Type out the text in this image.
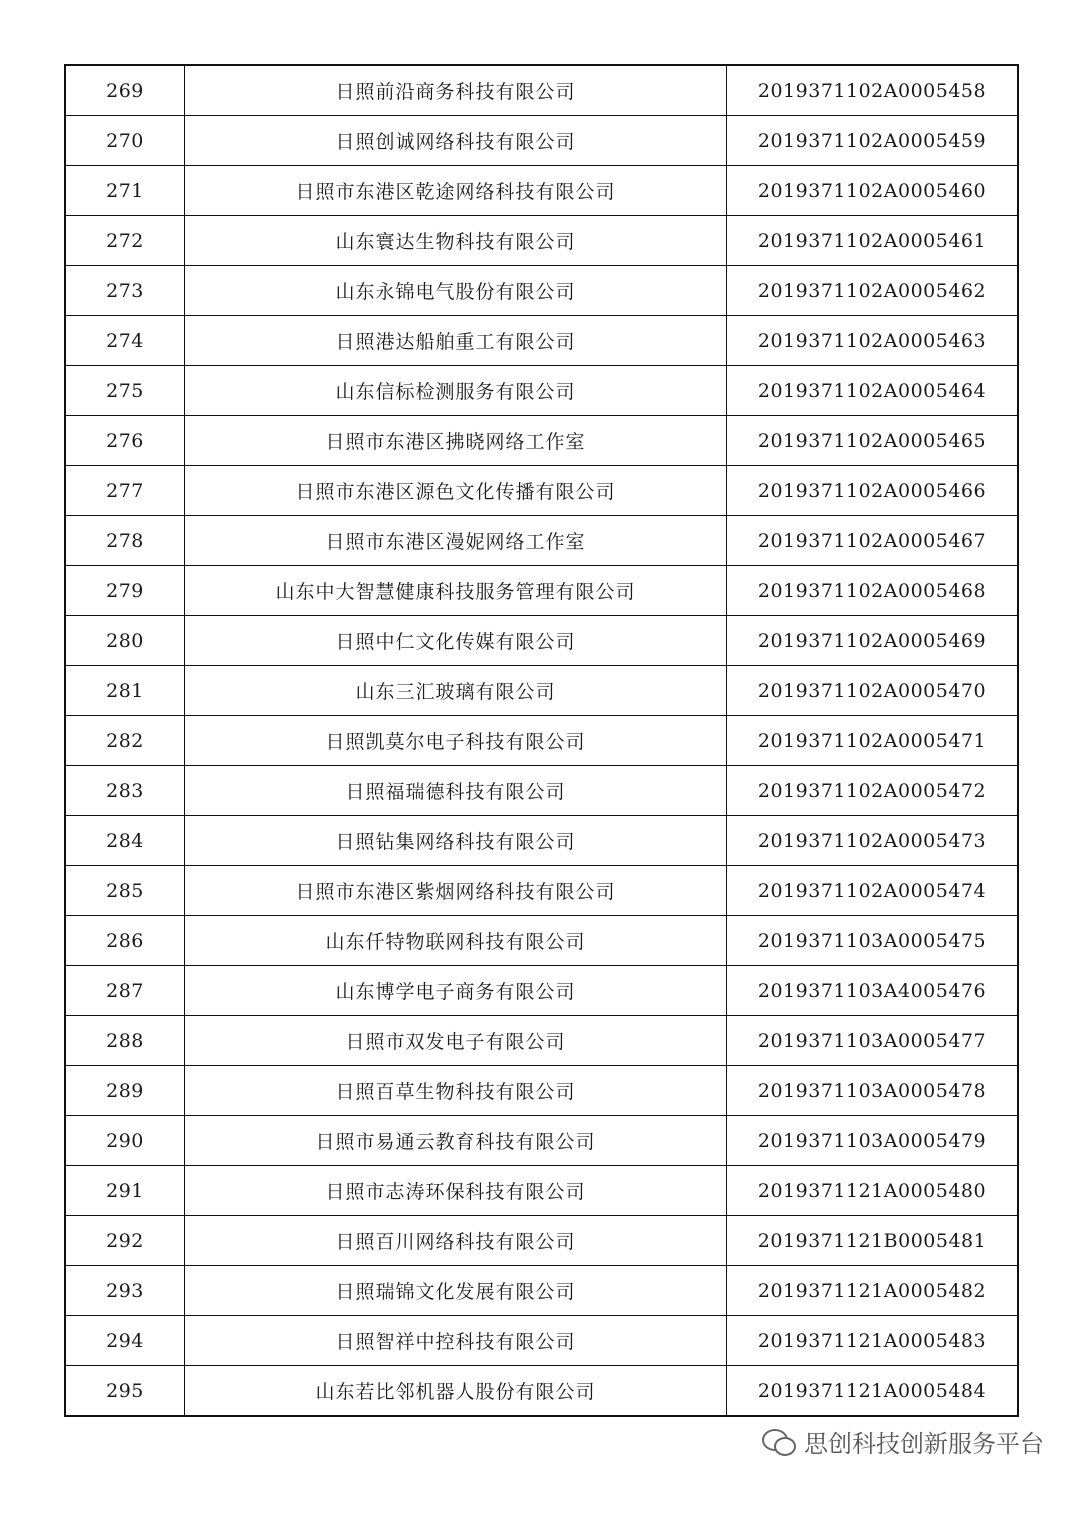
269	日照前沿商务科技有限公司	2019371102A0005458
270	日照创诚网络科技有限公司	2019371102A0005459
271	日照市东港区乾途网络科技有限公司	2019371102A0005460
272	山东寰达生物科技有限公司	2019371102A0005461
273	山东永锦电气股份有限公司	2019371102A0005462
274	日照港达船舶重工有限公司	2019371102A0005463
275	山东信标检测服务有限公司	2019371102A0005464
276	日照市东港区拂晓网络工作室	2019371102A0005465
277	日照市东港区源色文化传播有限公司	2019371102A0005466
278	日照市东港区漫妮网络工作室	2019371102A0005467
279	山东中大智慧健康科技服务管理有限公司	2019371102A0005468
280	日照中仁文化传媒有限公司	2019371102A0005469
281	山东三汇玻璃有限公司	2019371102A0005470
282	日照凯莫尔电子科技有限公司	2019371102A0005471
283	日照福瑞德科技有限公司	2019371102A0005472
284	日照钻集网络科技有限公司	2019371102A0005473
285	日照市东港区紫烟网络科技有限公司	2019371102A0005474
286	山东仟特物联网科技有限公司	2019371103A0005475
287	山东博学电子商务有限公司	2019371103A4005476
288	日照市双发电子有限公司	2019371103A0005477
289	日照百草生物科技有限公司	2019371103A0005478
290	日照市易通云教育科技有限公司	2019371103A0005479
291	日照市志涛环保科技有限公司	2019371121A0005480
292	日照百川网络科技有限公司	2019371121B0005481
293	日照瑞锦文化发展有限公司	2019371121A0005482
294	日照智祥中控科技有限公司	2019371121A0005483
295	山东若比邻机器人股份有限公司	2019371121A0005484
思创科技创新服务平台
